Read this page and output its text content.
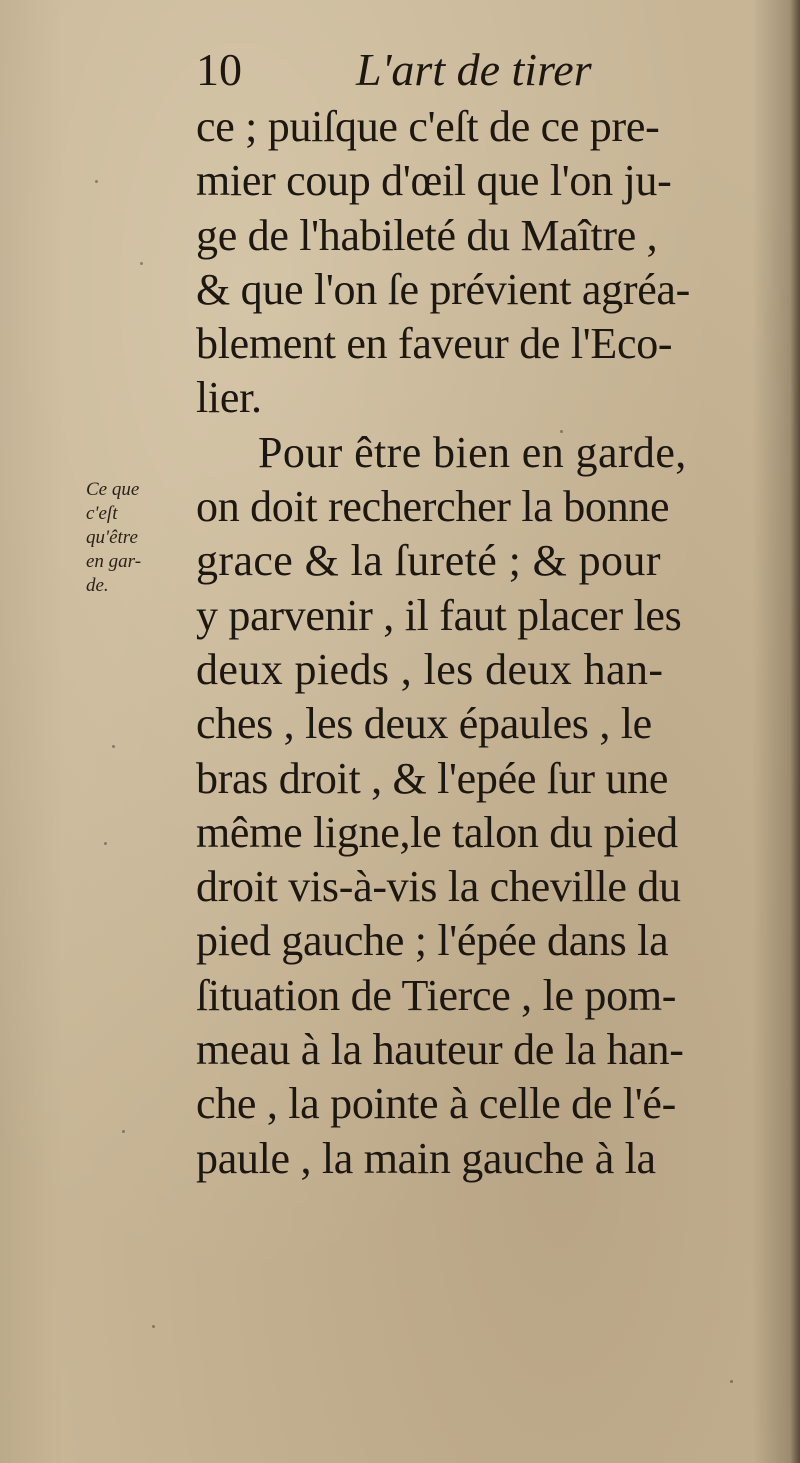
10 L'art de tirer
Ce que
c'eſt
qu'être
en gar-
de.
ce ; puiſque c'eſt de ce pre-
mier coup d'œil que l'on ju-
ge de l'habileté du Maître ,
& que l'on ſe prévient agréa-
blement en faveur de l'Eco-
lier.
Pour être bien en garde,
on doit rechercher la bonne
grace & la ſureté ; & pour
y parvenir , il faut placer les
deux pieds , les deux han-
ches , les deux épaules , le
bras droit , & l'epée ſur une
même ligne,le talon du pied
droit vis-à-vis la cheville du
pied gauche ; l'épée dans la
ſituation de Tierce , le pom-
meau à la hauteur de la han-
che , la pointe à celle de l'é-
paule , la main gauche à la
